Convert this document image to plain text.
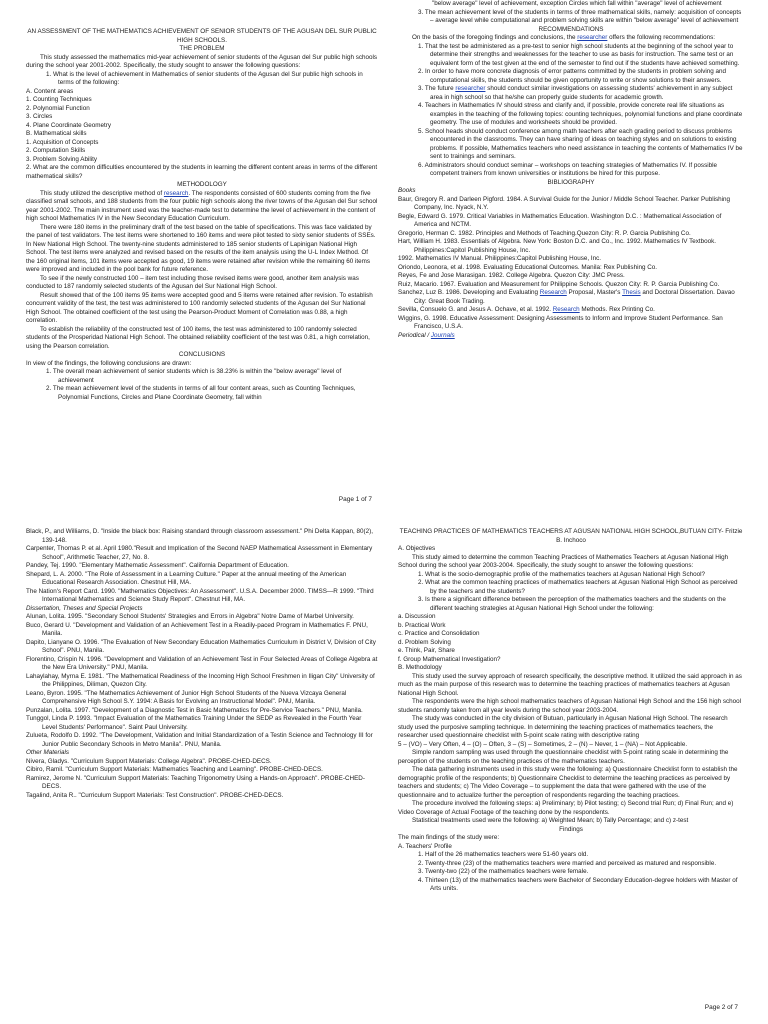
AN ASSESSMENT OF THE MATHEMATICS ACHIEVEMENT OF SENIOR STUDENTS OF THE AGUSAN DEL SUR PUBLIC HIGH SCHOOLS.

THE PROBLEM

This study assessed the mathematics mid-year achievement of senior students of the Agusan del Sur public high schools during the school year 2001-2002. Specifically, the study sought to answer the following questions:

1. What is the level of achievement in Mathematics of senior students of the Agusan del Sur public high schools in terms of the following:

A. Content areas

1. Counting Techniques

2. Polynomial Function

3. Circles

4. Plane Coordinate Geometry

B. Mathematical skills

1. Acquisition of Concepts

2. Computation Skills

3. Problem Solving Ability

2. What are the common difficulties encountered by the students in learning the different content areas in terms of the different mathematical skills?

METHODOLOGY

This study utilized the descriptive method of research. The respondents consisted of 600 students coming from the five classified small schools, and 188 students from the four public high schools along the river towns of the Agusan del Sur school year 2001-2002. The main instrument used was the teacher-made test to determine the level of achievement in the content of high school Mathematics IV in the New Secondary Education Curriculum.

There were 180 items in the preliminary draft of the test based on the table of specifications. This was face validated by the panel of test validators. The test items were shortened to 160 items and were pilot tested to sixty senior students of SSEs. In New National High School. The twenty-nine students administered to 185 senior students of Lapinigan National High School. The test items were analyzed and revised based on the results of the item analysis using the U-L Index Method. Of the 160 original items, 101 items were accepted as good, 19 items were retained after revision while the remaining 60 items were improved and included in the pool bank for future reference.

To see if the newly constructed 100 – item test including those revised items were good, another item analysis was conducted to 187 randomly selected students of the Agusan del Sur National High School.

Result showed that of the 100 items 95 items were accepted good and 5 items were retained after revision. To establish concurrent validity of the test, the test was administered to 100 randomly selected students of the Agusan del Sur National High School. The obtained coefficient of the test using the Pearson-Product Moment of Correlation was 0.88, a high correlation.

To establish the reliability of the constructed test of 100 items, the test was administered to 100 randomly selected students of the Prosperidad National High School. The obtained reliability coefficient of the test was 0.81, a high correlation, using the Pearson correlation.

CONCLUSIONS

In view of the findings, the following conclusions are drawn:

1. The overall mean achievement of senior students which is 38.23% is within the "below average" level of achievement

2. The mean achievement level of the students in terms of all four content areas, such as Counting Techniques, Polynomial Functions, Circles and Plane Coordinate Geometry, fall within

Page 1 of 7

"below average" level of achievement, exception Circles which fall within "average" level of achievement

3. The mean achievement level of the students in terms of three mathematical skills, namely: acquisition of concepts – average level while computational and problem solving skills are within "below average" level of achievement

RECOMMENDATIONS

On the basis of the foregoing findings and conclusions, the researcher offers the following recommendations:

1. That the test be administered as a pre-test to senior high school students at the beginning of the school year to determine their strengths and weaknesses for the teacher to use as basis for instruction. The same test or an equivalent form of the test given at the end of the semester to find out if the students have achieved something.

2. In order to have more concrete diagnosis of error patterns committed by the students in problem solving and computational skills, the students should be given opportunity to write or show solutions to their answers.

3. The future researcher should conduct similar investigations on assessing students' achievement in any subject area in high school so that he/she can properly guide students for academic growth.

4. Teachers in Mathematics IV should stress and clarify and, if possible, provide concrete real life situations as examples in the teaching of the following topics: counting techniques, polynomial functions and plane coordinate geometry. The use of modules and worksheets should be provided.

5. School heads should conduct conference among math teachers after each grading period to discuss problems encountered in the classrooms. They can have sharing of ideas on teaching styles and on solutions to existing problems. If possible, Mathematics teachers who need assistance in teaching the contents of Mathematics IV be sent to trainings and seminars.

6. Administrators should conduct seminar – workshops on teaching strategies of Mathematics IV. If possible competent trainers from known universities or institutions be hired for this purpose.

BIBLIOGRAPHY

Books

Baur, Gregory R. and Darleen Pigford. 1984. A Survival Guide for the Junior / Middle School Teacher. Parker Publishing Company, Inc. Nyack, N.Y.

Begle, Edward G. 1979. Critical Variables in Mathematics Education. Washington D.C. : Mathematical Association of America and NCTM.

Gregorio, Herman C. 1982. Principles and Methods of Teaching.Quezon City: R. P. Garcia Publishing Co.

Hart, William H. 1983. Essentials of Algebra. New York: Boston D.C. and Co., Inc. 1992. Mathematics IV Textbook. Philippines:Capitol Publishing House, Inc.

1992. Mathematics IV Manual. Philippines:Capitol Publishing House, Inc.

Oriondo, Leonora, et al. 1998. Evaluating Educational Outcomes. Manila: Rex Publishing Co.

Reyes, Fe and Jose Marasigan. 1982. College Algebra. Quezon City: JMC Press.

Ruiz, Macario. 1967. Evaluation and Measurement for Philippine Schools. Quezon City: R. P. Garcia Publishing Co.

Sanchez, Luz B. 1986. Developing and Evaluating Research Proposal, Master's Thesis and Doctoral Dissertation. Davao City: Great Book Trading.

Sevilla, Consuelo G. and Jesus A. Ochave, et al. 1992. Research Methods. Rex Printing Co.

Wiggins, G. 1998. Educative Assessment: Designing Assessments to Inform and Improve Student Performance. San Francisco, U.S.A.

Periodical / Journals

Black, P., and Williams, D. "Inside the black box: Raising standard through classroom assessment." Phi Delta Kappan, 80(2), 139-148.

Carpenter, Thomas P. et al. April 1980."Result and Implication of the Second NAEP Mathematical Assessment in Elementary School", Arithmetic Teacher, 27, No. 8.

Pandey, Tej. 1990. "Elementary Mathematic Assessment". California Department of Education.

Shepard, L. A. 2000. "The Role of Assessment in a Learning Culture." Paper at the annual meeting of the American Educational Research Association. Chestnut Hill, MA.

The Nation's Report Card. 1990. "Mathematics Objectives: An Assessment". U.S.A. December 2000. TIMSS—R 1999. "Third International Mathematics and Science Study Report". Chestnut Hill, MA.

Dissertation, Theses and Special Projects

Alunan, Lolita. 1995. "Secondary School Students' Strategies and Errors in Algebra" Notre Dame of Marbel University.

Buco, Gerard U. "Development and Validation of an Achievement Test in a Readily-paced Program in Mathematics F. PNU, Manila.

Dapito, Lianyane O. 1996. "The Evaluation of New Secondary Education Mathematics Curriculum in District V, Division of City School". PNU, Manila.

Florentino, Crispin N. 1996. "Development and Validation of an Achievement Test in Four Selected Areas of College Algebra at the New Era University." PNU, Manila.

Lahaylahay, Myrna E. 1981. "The Mathematical Readiness of the Incoming High School Freshmen in Iligan City" University of the Philippines, Diliman, Quezon City.

Leano, Byron. 1995. "The Mathematics Achievement of Junior High School Students of the Nueva Vizcaya General Comprehensive High School S.Y. 1994: A Basis for Evolving an Instructional Model". PNU, Manila.

Punzalan, Lolita. 1997. "Development of a Diagnostic Test in Basic Mathematics for Pre-Service Teachers." PNU, Manila.

Tunggol, Linda P. 1993. "Impact Evaluation of the Mathematics Training Under the SEDP as Revealed in the Fourth Year Level Students' Performance". Saint Paul University.

Zulueta, Rodolfo D. 1992. "The Development, Validation and Initial Standardization of a Testin Science and Technology III for Junior Public Secondary Schools in Metro Manila". PNU, Manila.

Other Materials

Nivera, Gladys. "Curriculum Support Materials: College Algebra". PROBE-CHED-DECS.

Cibiro, Ramil. "Curriculum Support Materials: Mathematics Teaching and Learning". PROBE-CHED-DECS.

Ramirez, Jerome N. "Curriculum Support Materials: Teaching Trigonometry Using a Hands-on Approach". PROBE-CHED-DECS.

Tagalind, Anita R.. "Curriculum Support Materials: Test Construction". PROBE-CHED-DECS.

TEACHING PRACTICES OF MATHEMATICS TEACHERS AT AGUSAN NATIONAL HIGH SCHOOL,BUTUAN CITY- Fritzie B. Inchoco

A. Objectives

This study aimed to determine the common Teaching Practices of Mathematics Teachers at Agusan National High School during the school year 2003-2004. Specifically, the study sought to answer the following questions:

1. What is the socio-demographic profile of the mathematics teachers at Agusan National High School?

2. What are the common teaching practices of mathematics teachers at Agusan National High School as perceived by the teachers and the students?

3. Is there a significant difference between the perception of the mathematics teachers and the students on the different teaching strategies at Agusan National High School under the following:

a. Discussion

b. Practical Work

c. Practice and Consolidation

d. Problem Solving

e. Think, Pair, Share

f. Group Mathematical Investigation?

B. Methodology

This study used the survey approach of research specifically, the descriptive method. It utilized the said approach in as much as the main purpose of this research was to determine the teaching practices of mathematics teachers at Agusan National High School.

The respondents were the high school mathematics teachers of Agusan National High School and the 156 high school students randomly taken from all year levels during the school year 2003-2004.

The study was conducted in the city division of Butuan, particularly in Agusan National High School. The research study used the purposive sampling technique. In determining the teaching practices of mathematics teachers, the researcher used questionnaire checklist with 5-point scale rating with descriptive rating

5 – (VO) – Very Often, 4 – (O) – Often, 3 – (S) – Sometimes, 2 – (N) – Never, 1 – (NA) – Not Applicable.

Simple random sampling was used through the questionnaire checklist with 5-point rating scale in determining the perception of the students on the teaching practices of the mathematics teachers.

The data gathering instruments used in this study were the following: a) Questionnaire Checklist form to establish the demographic profile of the respondents; b) Questionnaire Checklist to determine the teaching practices as perceived by teachers and students; c) The Video Coverage – to supplement the data that were gathered with the use of the questionnaire and to actualize further the perception of respondents regarding the teaching practices.

The procedure involved the following steps: a) Preliminary; b) Pilot testing; c) Second trial Run; d) Final Run; and e) Video Coverage of Actual Footage of the teaching done by the respondents.

Statistical treatments used were the following: a) Weighted Mean; b) Tally Percentage; and c) z-test

Findings

The main findings of the study were:

A. Teachers' Profile

1. Half of the 26 mathematics teachers were 51-60 years old.

2. Twenty-three (23) of the mathematics teachers were married and perceived as matured and responsible.

3. Twenty-two (22) of the mathematics teachers were female.

4. Thirteen (13) of the mathematics teachers were Bachelor of Secondary Education-degree holders with Master of Arts units.

Page 2 of 7
